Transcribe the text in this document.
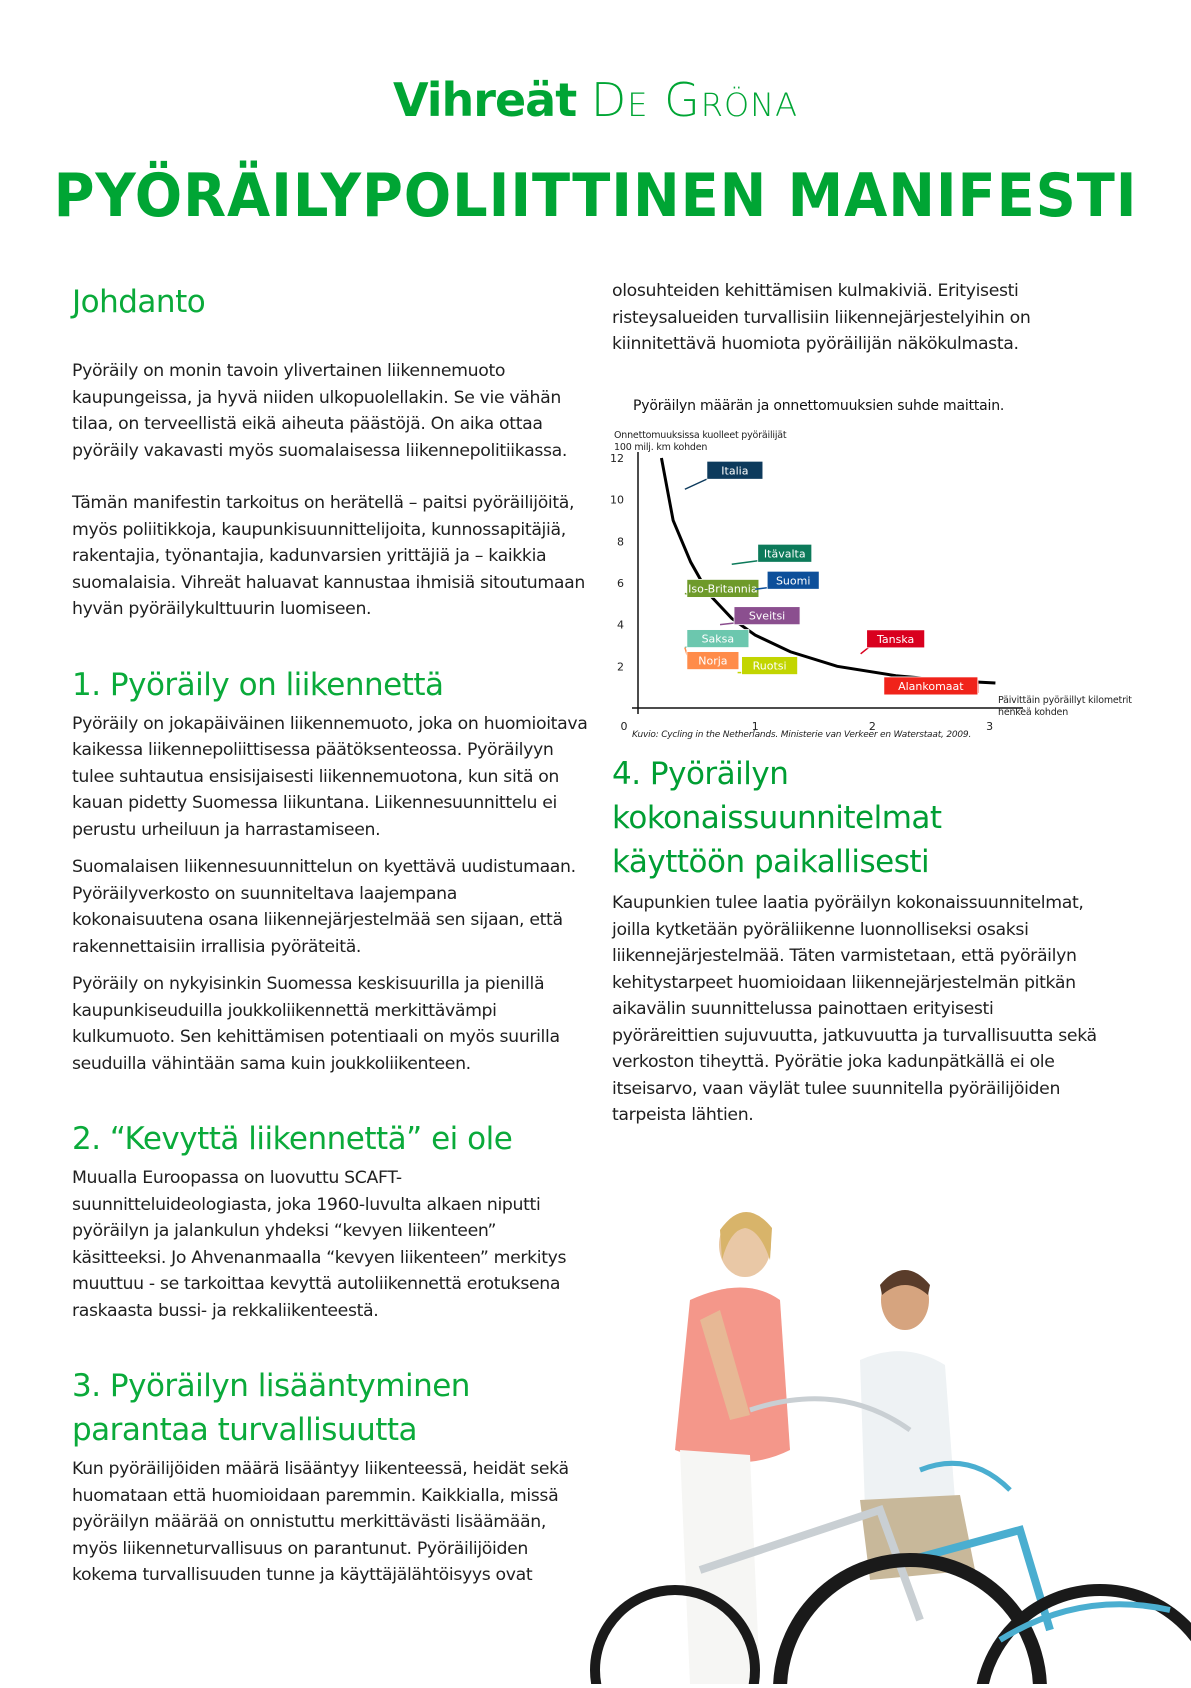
Vihreät De Gröna
PYÖRÄILYPOLIITTINEN MANIFESTI
Johdanto

Pyöräily on monin tavoin ylivertainen liikennemuoto kaupungeissa, ja hyvä niiden ulkopuolellakin. Se vie vähän tilaa, on terveellistä eikä aiheuta päästöjä. On aika ottaa pyöräily vakavasti myös suomalaisessa liikennepolitiikassa.

Tämän manifestin tarkoitus on herätellä – paitsi pyöräilijöitä, myös poliitikkoja, kaupunkisuunnittelijoita, kunnossapitäjiä, rakentajia, työnantajia, kadunvarsien yrittäjiä ja – kaikkia suomalaisia. Vihreät haluavat kannustaa ihmisiä sitoutumaan hyvän pyöräilykulttuurin luomiseen.

1. Pyöräily on liikennettä

Pyöräily on jokapäiväinen liikennemuoto, joka on huomioitava kaikessa liikennepoliittisessa päätöksenteossa. Pyöräilyyn tulee suhtautua ensisijaisesti liikennemuotona, kun sitä on kauan pidetty Suomessa liikuntana. Liikennesuunnittelu ei perustu urheiluun ja harrastamiseen.

Suomalaisen liikennesuunnittelun on kyettävä uudistumaan. Pyöräilyverkosto on suunniteltava laajempana kokonaisuutena osana liikennejärjestelmää sen sijaan, että rakennettaisiin irrallisia pyöräteitä.

Pyöräily on nykyisinkin Suomessa keskisuurilla ja pienillä kaupunkiseuduilla joukkoliikennettä merkittävämpi kulkumuoto. Sen kehittämisen potentiaali on myös suurilla seuduilla vähintään sama kuin joukkoliikenteen.

2. “Kevyttä liikennettä” ei ole

Muualla Euroopassa on luovuttu SCAFT-suunnitteluideologiasta, joka 1960-luvulta alkaen niputti pyöräilyn ja jalankulun yhdeksi “kevyen liikenteen” käsitteeksi. Jo Ahvenanmaalla “kevyen liikenteen” merkitys muuttuu - se tarkoittaa kevyttä autoliikennettä erotuksena raskaasta bussi- ja rekkaliikenteestä.

3. Pyöräilyn lisääntyminen
parantaa turvallisuutta

Kun pyöräilijöiden määrä lisääntyy liikenteessä, heidät sekä huomataan että huomioidaan paremmin. Kaikkialla, missä pyöräilyn määrää on onnistuttu merkittävästi lisäämään, myös liikenneturvallisuus on parantunut. Pyöräilijöiden kokema turvallisuuden tunne ja käyttäjälähtöisyys ovat

olosuhteiden kehittämisen kulmakiviä. Erityisesti risteysalueiden turvallisiin liikennejärjestelyihin on kiinnitettävä huomiota pyöräilijän näkökulmasta.

Pyöräilyn määrän ja onnettomuuksien suhde maittain.
Onnettomuuksissa kuolleet pyöräilijät
100 milj. km kohden
2
4
6
8
10
12
0	1	2	3
Italia
Itävalta
Iso-Britannia
Suomi
Sveitsi
Saksa
Norja Ruotsi
Tanska
Alankomaat
Päivittäin pyöräillyt kilometrit
henkeä kohden
Kuvio: Cycling in the Netherlands. Ministerie van Verkeer en Waterstaat, 2009.
4. Pyöräilyn kokonaissuunnitelmat
käyttöön paikallisesti

Kaupunkien tulee laatia pyöräilyn kokonaissuunnitelmat, joilla kytketään pyöräliikenne luonnolliseksi osaksi liikennejärjestelmää. Täten varmistetaan, että pyöräilyn kehitystarpeet huomioidaan liikennejärjestelmän pitkän aikavälin suunnittelussa painottaen erityisesti pyöräreittien sujuvuutta, jatkuvuutta ja turvallisuutta sekä verkoston tiheyttä. Pyörätie joka kadunpätkällä ei ole itseisarvo, vaan väylät tulee suunnitella pyöräilijöiden tarpeista lähtien.
